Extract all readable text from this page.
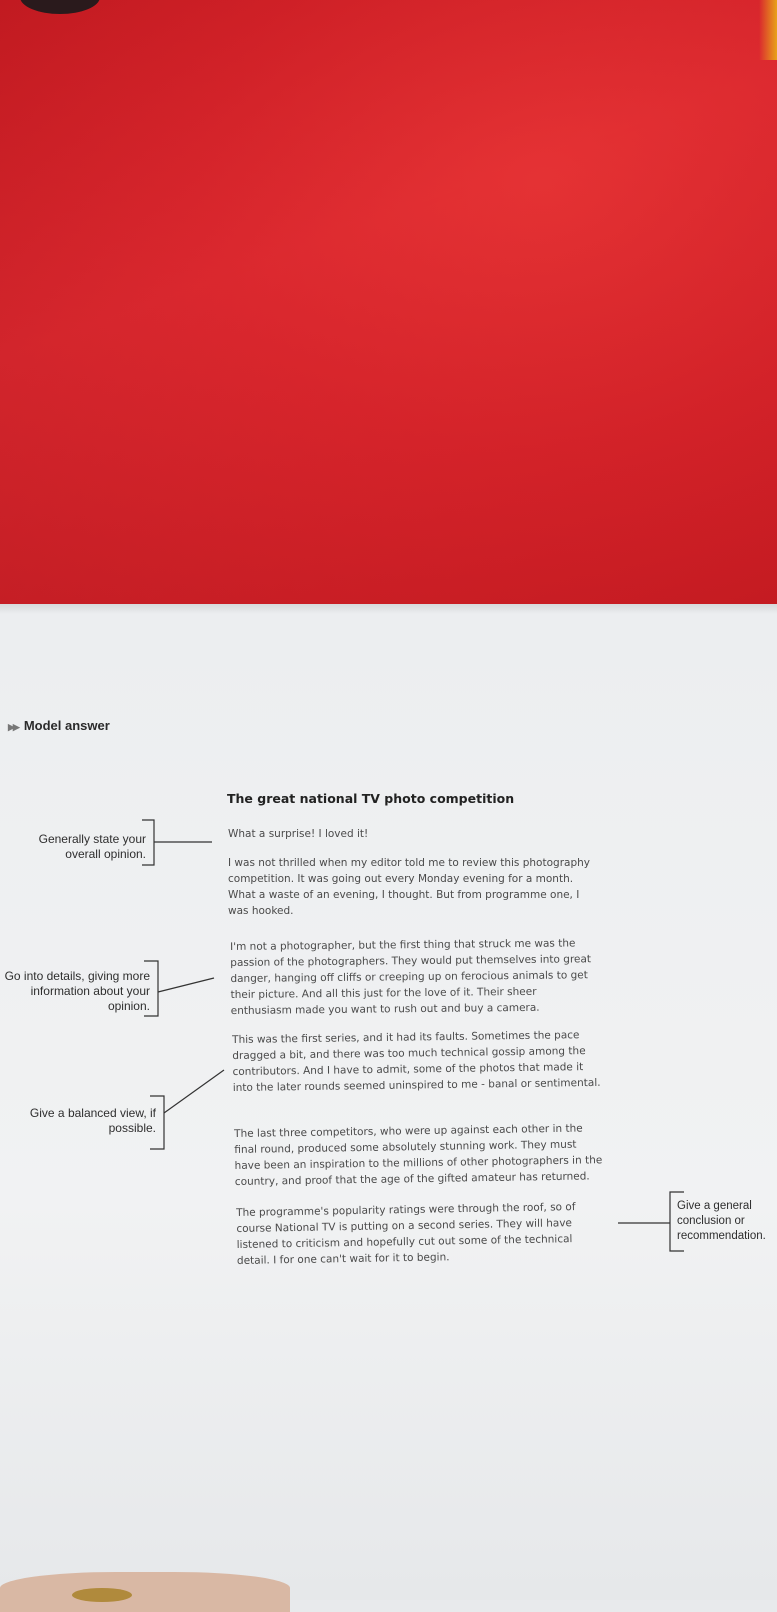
▶▶ Model answer
The great national TV photo competition
What a surprise! I loved it!
I was not thrilled when my editor told me to review this photography competition. It was going out every Monday evening for a month. What a waste of an evening, I thought. But from programme one, I was hooked.
I'm not a photographer, but the first thing that struck me was the passion of the photographers. They would put themselves into great danger, hanging off cliffs or creeping up on ferocious animals to get their picture. And all this just for the love of it. Their sheer enthusiasm made you want to rush out and buy a camera.
This was the first series, and it had its faults. Sometimes the pace dragged a bit, and there was too much technical gossip among the contributors. And I have to admit, some of the photos that made it into the later rounds seemed uninspired to me - banal or sentimental.
The last three competitors, who were up against each other in the final round, produced some absolutely stunning work. They must have been an inspiration to the millions of other photographers in the country, and proof that the age of the gifted amateur has returned.
The programme's popularity ratings were through the roof, so of course National TV is putting on a second series. They will have listened to criticism and hopefully cut out some of the technical detail. I for one can't wait for it to begin.
Generally state your overall opinion.
Go into details, giving more information about your opinion.
Give a balanced view, if possible.
Give a general conclusion or recommendation.
